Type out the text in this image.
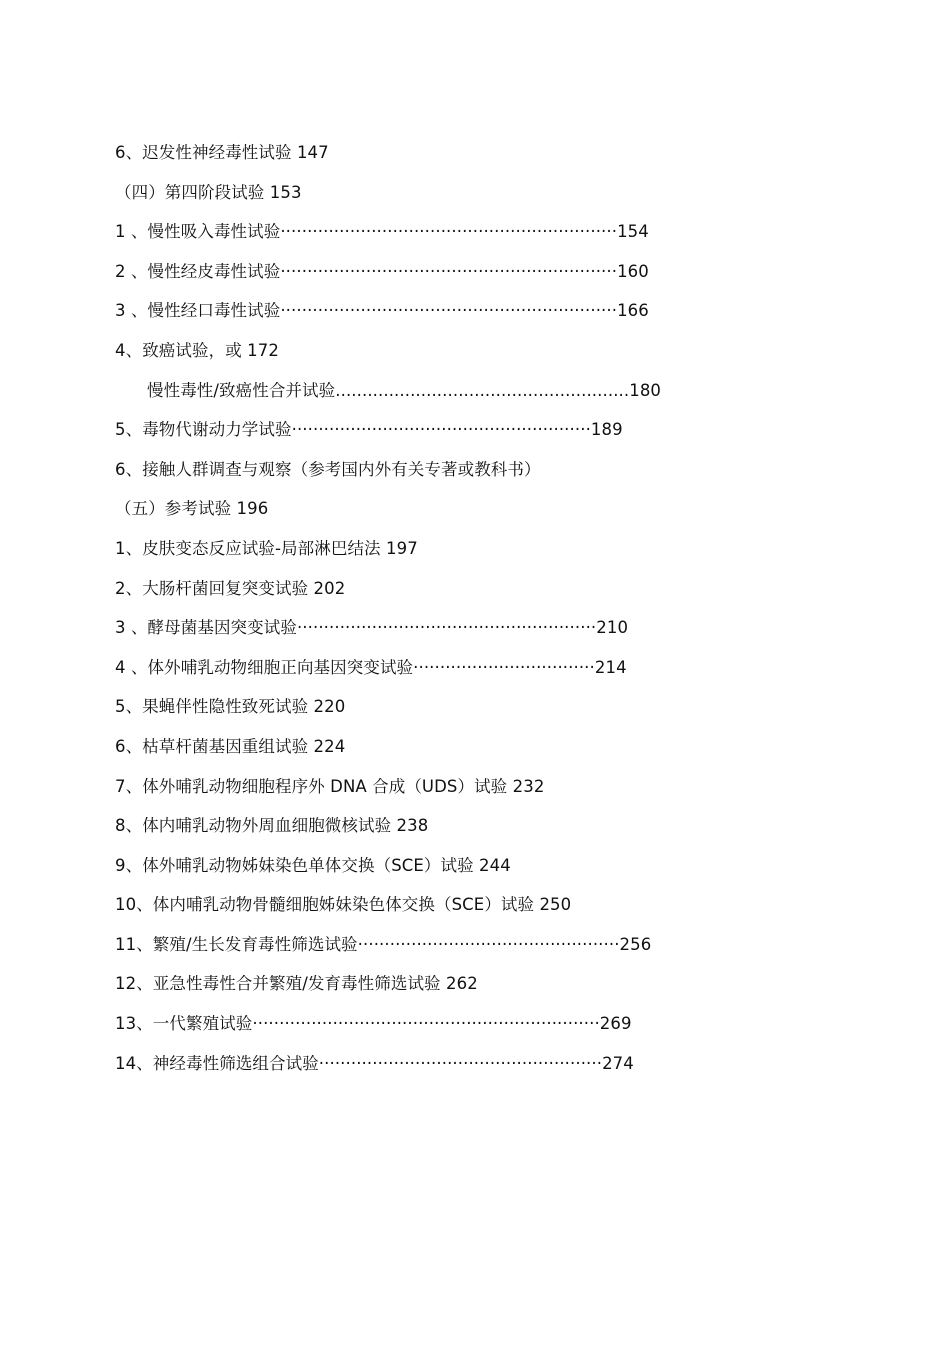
6、迟发性神经毒性试验 147
（四）第四阶段试验 153
1 、慢性吸入毒性试验·······························································154
2 、慢性经皮毒性试验·······························································160
3 、慢性经口毒性试验·······························································166
4、致癌试验，或 172
慢性毒性/致癌性合并试验.......................................................180
5、毒物代谢动力学试验························································189
6、接触人群调查与观察（参考国内外有关专著或教科书）
（五）参考试验 196
1、皮肤变态反应试验-局部淋巴结法 197
2、大肠杆菌回复突变试验 202
3 、酵母菌基因突变试验························································210
4 、体外哺乳动物细胞正向基因突变试验··································214
5、果蝇伴性隐性致死试验 220
6、枯草杆菌基因重组试验 224
7、体外哺乳动物细胞程序外 DNA 合成（UDS）试验 232
8、体内哺乳动物外周血细胞微核试验 238
9、体外哺乳动物姊妹染色单体交换（SCE）试验 244
10、体内哺乳动物骨髓细胞姊妹染色体交换（SCE）试验 250
11、繁殖/生长发育毒性筛选试验·················································256
12、亚急性毒性合并繁殖/发育毒性筛选试验 262
13、一代繁殖试验·································································269
14、神经毒性筛选组合试验·····················································274
